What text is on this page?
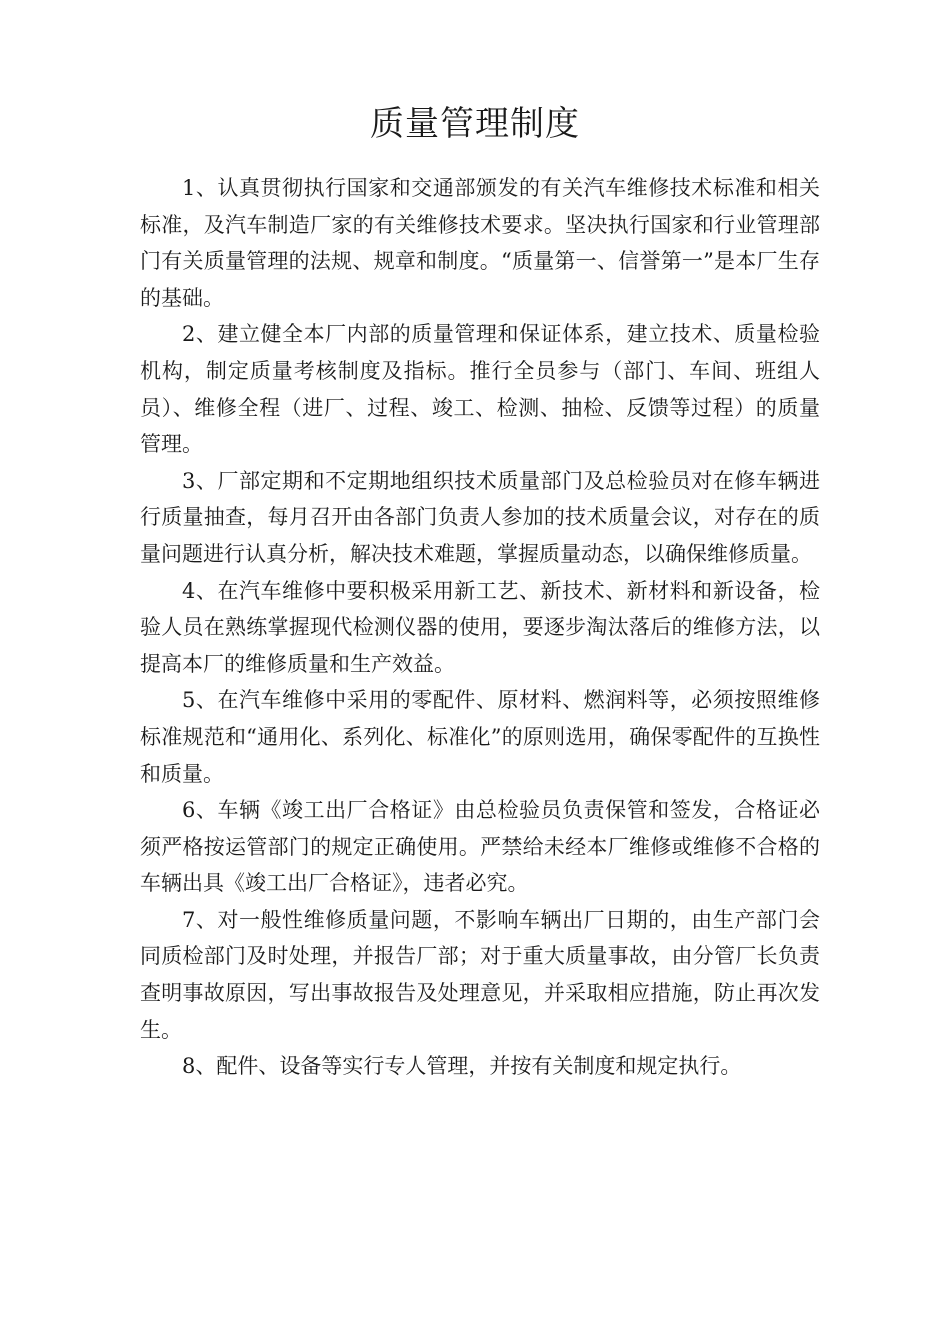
质量管理制度

1、认真贯彻执行国家和交通部颁发的有关汽车维修技术标准和相关标准，及汽车制造厂家的有关维修技术要求。坚决执行国家和行业管理部门有关质量管理的法规、规章和制度。“质量第一、信誉第一”是本厂生存的基础。

2、建立健全本厂内部的质量管理和保证体系，建立技术、质量检验机构，制定质量考核制度及指标。推行全员参与（部门、车间、班组人员）、维修全程（进厂、过程、竣工、检测、抽检、反馈等过程）的质量管理。

3、厂部定期和不定期地组织技术质量部门及总检验员对在修车辆进行质量抽查，每月召开由各部门负责人参加的技术质量会议，对存在的质量问题进行认真分析，解决技术难题，掌握质量动态，以确保维修质量。

4、在汽车维修中要积极采用新工艺、新技术、新材料和新设备，检验人员在熟练掌握现代检测仪器的使用，要逐步淘汰落后的维修方法，以提高本厂的维修质量和生产效益。

5、在汽车维修中采用的零配件、原材料、燃润料等，必须按照维修标准规范和“通用化、系列化、标准化”的原则选用，确保零配件的互换性和质量。

6、车辆《竣工出厂合格证》由总检验员负责保管和签发，合格证必须严格按运管部门的规定正确使用。严禁给未经本厂维修或维修不合格的车辆出具《竣工出厂合格证》，违者必究。

7、对一般性维修质量问题，不影响车辆出厂日期的，由生产部门会同质检部门及时处理，并报告厂部；对于重大质量事故，由分管厂长负责查明事故原因，写出事故报告及处理意见，并采取相应措施，防止再次发生。

8、配件、设备等实行专人管理，并按有关制度和规定执行。
